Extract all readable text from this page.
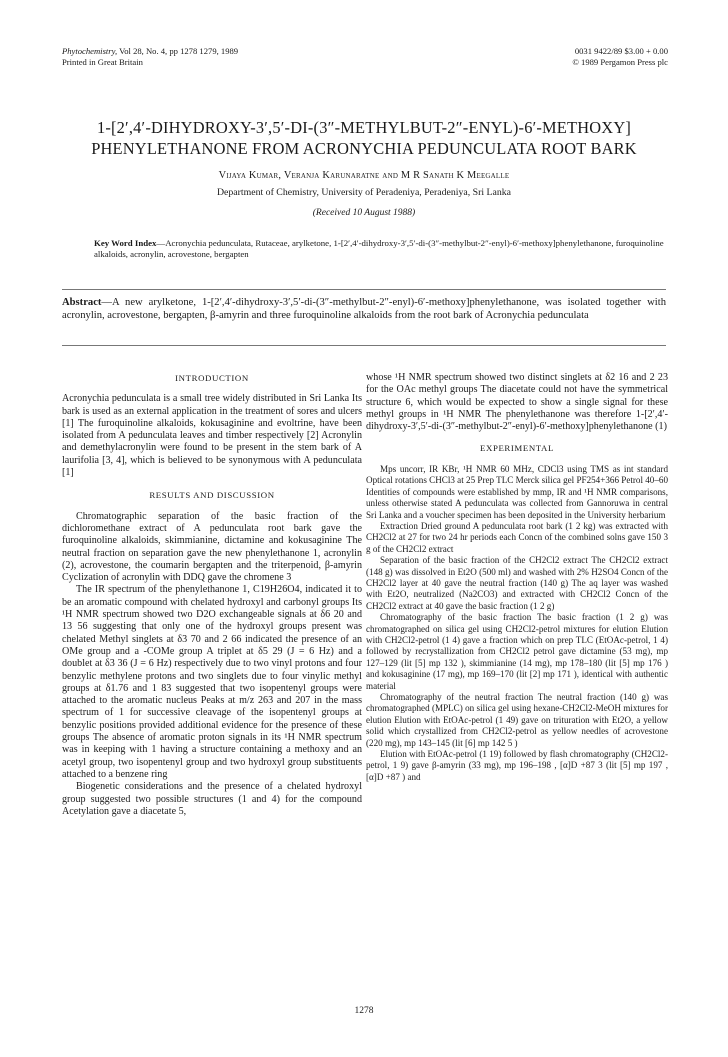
Phytochemistry, Vol 28, No. 4, pp 1278 1279, 1989
Printed in Great Britain
0031 9422/89 $3.00 + 0.00
© 1989 Pergamon Press plc
1-[2′,4′-DIHYDROXY-3′,5′-DI-(3″-METHYLBUT-2″-ENYL)-6′-METHOXY]
PHENYLETHANONE FROM ACRONYCHIA PEDUNCULATA ROOT BARK
Vijaya Kumar, Veranja Karunaratne and M R Sanath K Meegalle
Department of Chemistry, University of Peradeniya, Peradeniya, Sri Lanka
(Received 10 August 1988)
Key Word Index—Acronychia pedunculata, Rutaceae, arylketone, 1-[2′,4′-dihydroxy-3′,5′-di-(3″-methylbut-2″-enyl)-6′-methoxy]phenylethanone, furoquinoline alkaloids, acronylin, acrovestone, bergapten
Abstract—A new arylketone, 1-[2′,4′-dihydroxy-3′,5′-di-(3″-methylbut-2″-enyl)-6′-methoxy]phenylethanone, was isolated together with acronylin, acrovestone, bergapten, β-amyrin and three furoquinoline alkaloids from the root bark of Acronychia pedunculata
INTRODUCTION

Acronychia pedunculata is a small tree widely distributed in Sri Lanka Its bark is used as an external application in the treatment of sores and ulcers [1] The furoquinoline alkaloids, kokusaginine and evoltrine, have been isolated from A pedunculata leaves and timber respectively [2] Acronylin and demethylacronylin were found to be present in the stem bark of A laurifolia [3, 4], which is believed to be synonymous with A pedunculata [1]

RESULTS AND DISCUSSION

Chromatographic separation of the basic fraction of the dichloromethane extract of A pedunculata root bark gave the furoquinoline alkaloids, skimmianine, dictamine and kokusaginine The neutral fraction on separation gave the new phenylethanone 1, acronylin (2), acrovestone, the coumarin bergapten and the triterpenoid, β-amyrin Cyclization of acronylin with DDQ gave the chromene 3

The IR spectrum of the phenylethanone 1, C19H26O4, indicated it to be an aromatic compound with chelated hydroxyl and carbonyl groups Its ¹H NMR spectrum showed two D2O exchangeable signals at δ6 20 and 13 56 suggesting that only one of the hydroxyl groups present was chelated Methyl singlets at δ3 70 and 2 66 indicated the presence of an OMe group and a -COMe group A triplet at δ5 29 (J = 6 Hz) and a doublet at δ3 36 (J = 6 Hz) respectively due to two vinyl protons and four benzylic methylene protons and two singlets due to four vinylic methyl groups at δ1.76 and 1 83 suggested that two isopentenyl groups were attached to the aromatic nucleus Peaks at m/z 263 and 207 in the mass spectrum of 1 for successive cleavage of the isopentenyl groups at benzylic positions provided additional evidence for the presence of these groups The absence of aromatic proton signals in its ¹H NMR spectrum was in keeping with 1 having a structure containing a methoxy and an acetyl group, two isopentenyl group and two hydroxyl group substituents attached to a benzene ring

Biogenetic considerations and the presence of a chelated hydroxyl group suggested two possible structures (1 and 4) for the compound Acetylation gave a diacetate 5,

whose ¹H NMR spectrum showed two distinct singlets at δ2 16 and 2 23 for the OAc methyl groups The diacetate could not have the symmetrical structure 6, which would be expected to show a single signal for these methyl groups in ¹H NMR The phenylethanone was therefore 1-[2′,4′-dihydroxy-3′,5′-di-(3″-methylbut-2″-enyl)-6′-methoxy]phenylethanone (1)

EXPERIMENTAL

Mps uncorr, IR KBr, ¹H NMR 60 MHz, CDCl3 using TMS as int standard Optical rotations CHCl3 at 25 Prep TLC Merck silica gel PF254+366 Petrol 40–60 Identities of compounds were established by mmp, IR and ¹H NMR comparisons, unless otherwise stated A pedunculata was collected from Gannoruwa in central Sri Lanka and a voucher specimen has been deposited in the University herbarium

Extraction Dried ground A pedunculata root bark (1 2 kg) was extracted with CH2Cl2 at 27 for two 24 hr periods each Concn of the combined solns gave 150 3 g of the CH2Cl2 extract

Separation of the basic fraction of the CH2Cl2 extract The CH2Cl2 extract (148 g) was dissolved in Et2O (500 ml) and washed with 2% H2SO4 Concn of the CH2Cl2 layer at 40 gave the neutral fraction (140 g) The aq layer was washed with Et2O, neutralized (Na2CO3) and extracted with CH2Cl2 Concn of the CH2Cl2 extract at 40 gave the basic fraction (1 2 g)

Chromatography of the basic fraction The basic fraction (1 2 g) was chromatographed on silica gel using CH2Cl2-petrol mixtures for elution Elution with CH2Cl2-petrol (1 4) gave a fraction which on prep TLC (EtOAc-petrol, 1 4) followed by recrystallization from CH2Cl2 petrol gave dictamine (53 mg), mp 127–129 (lit [5] mp 132 ), skimmianine (14 mg), mp 178–180 (lit [5] mp 176 ) and kokusaginine (17 mg), mp 169–170 (lit [2] mp 171 ), identical with authentic material

Chromatography of the neutral fraction The neutral fraction (140 g) was chromatographed (MPLC) on silica gel using hexane-CH2Cl2-MeOH mixtures for elution Elution with EtOAc-petrol (1 49) gave on trituration with Et2O, a yellow solid which crystallized from CH2Cl2-petrol as yellow needles of acrovestone (220 mg), mp 143–145 (lit [6] mp 142 5 )

Elution with EtOAc-petrol (1 19) followed by flash chromatography (CH2Cl2-petrol, 1 9) gave β-amyrin (33 mg), mp 196–198 , [α]D +87 3 (lit [5] mp 197 , [α]D +87 ) and

1278
